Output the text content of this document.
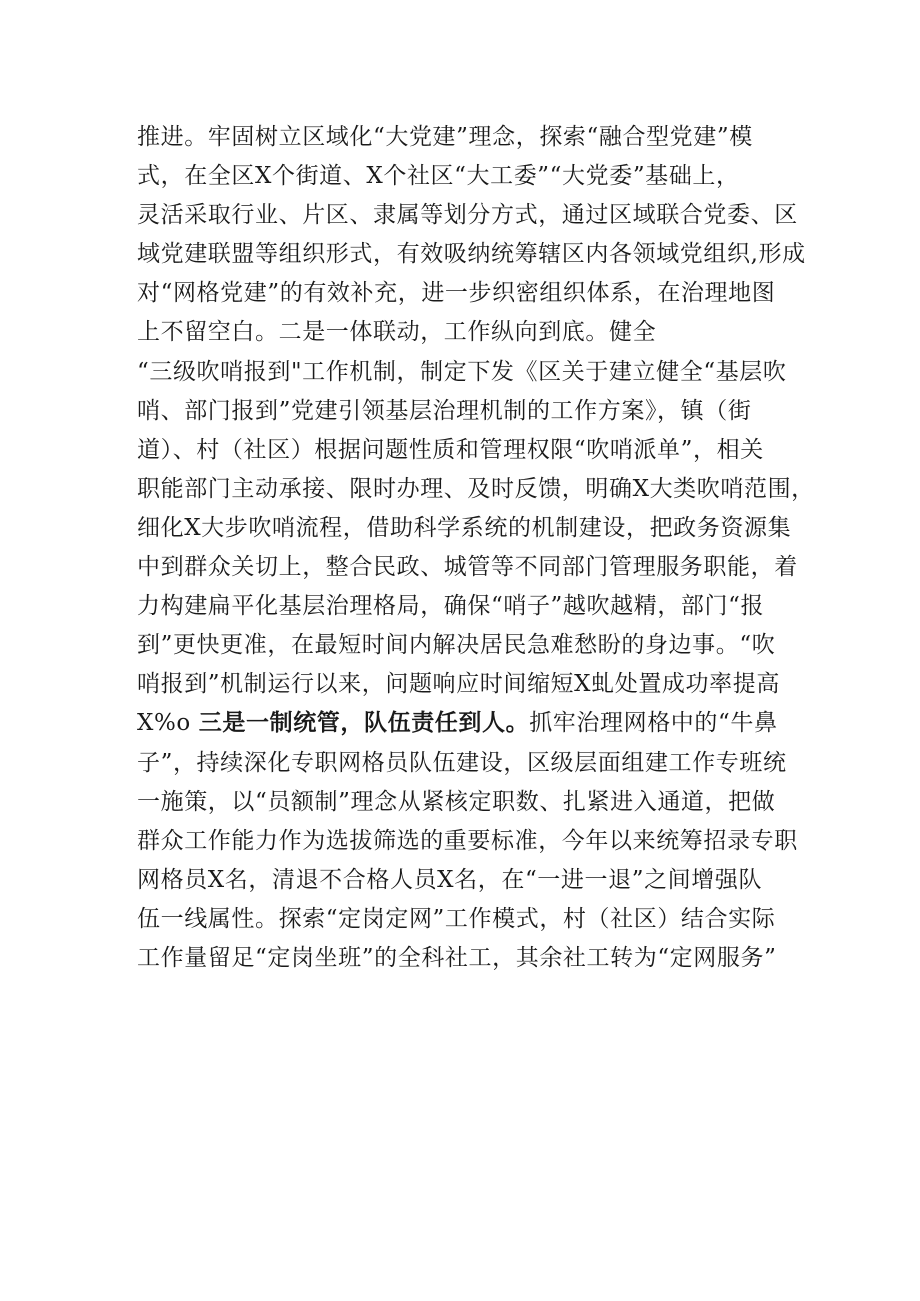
推进。牢固树立区域化“大党建”理念，探索“融合型党建”模
式，在全区X个街道、X个社区“大工委”“大党委”基础上，
灵活采取行业、片区、隶属等划分方式，通过区域联合党委、区
域党建联盟等组织形式，有效吸纳统筹辖区内各领域党组织,形成
对“网格党建”的有效补充，进一步织密组织体系，在治理地图
上不留空白。二是一体联动，工作纵向到底。健全
“三级吹哨报到"工作机制，制定下发《区关于建立健全“基层吹
哨、部门报到”党建引领基层治理机制的工作方案》，镇（街
道）、村（社区）根据问题性质和管理权限“吹哨派单”，相关
职能部门主动承接、限时办理、及时反馈，明确X大类吹哨范围，
细化X大步吹哨流程，借助科学系统的机制建设，把政务资源集
中到群众关切上，整合民政、城管等不同部门管理服务职能，着
力构建扁平化基层治理格局，确保“哨子”越吹越精，部门“报
到”更快更准，在最短时间内解决居民急难愁盼的身边事。“吹
哨报到”机制运行以来，问题响应时间缩短X虬处置成功率提高
X%o 三是一制统管，队伍责任到人。抓牢治理网格中的“牛鼻
子”，持续深化专职网格员队伍建设，区级层面组建工作专班统
一施策，以“员额制”理念从紧核定职数、扎紧进入通道，把做
群众工作能力作为选拔筛选的重要标准，今年以来统筹招录专职
网格员X名，清退不合格人员X名，在“一进一退”之间增强队
伍一线属性。探索“定岗定网”工作模式，村（社区）结合实际
工作量留足“定岗坐班”的全科社工，其余社工转为“定网服务”
